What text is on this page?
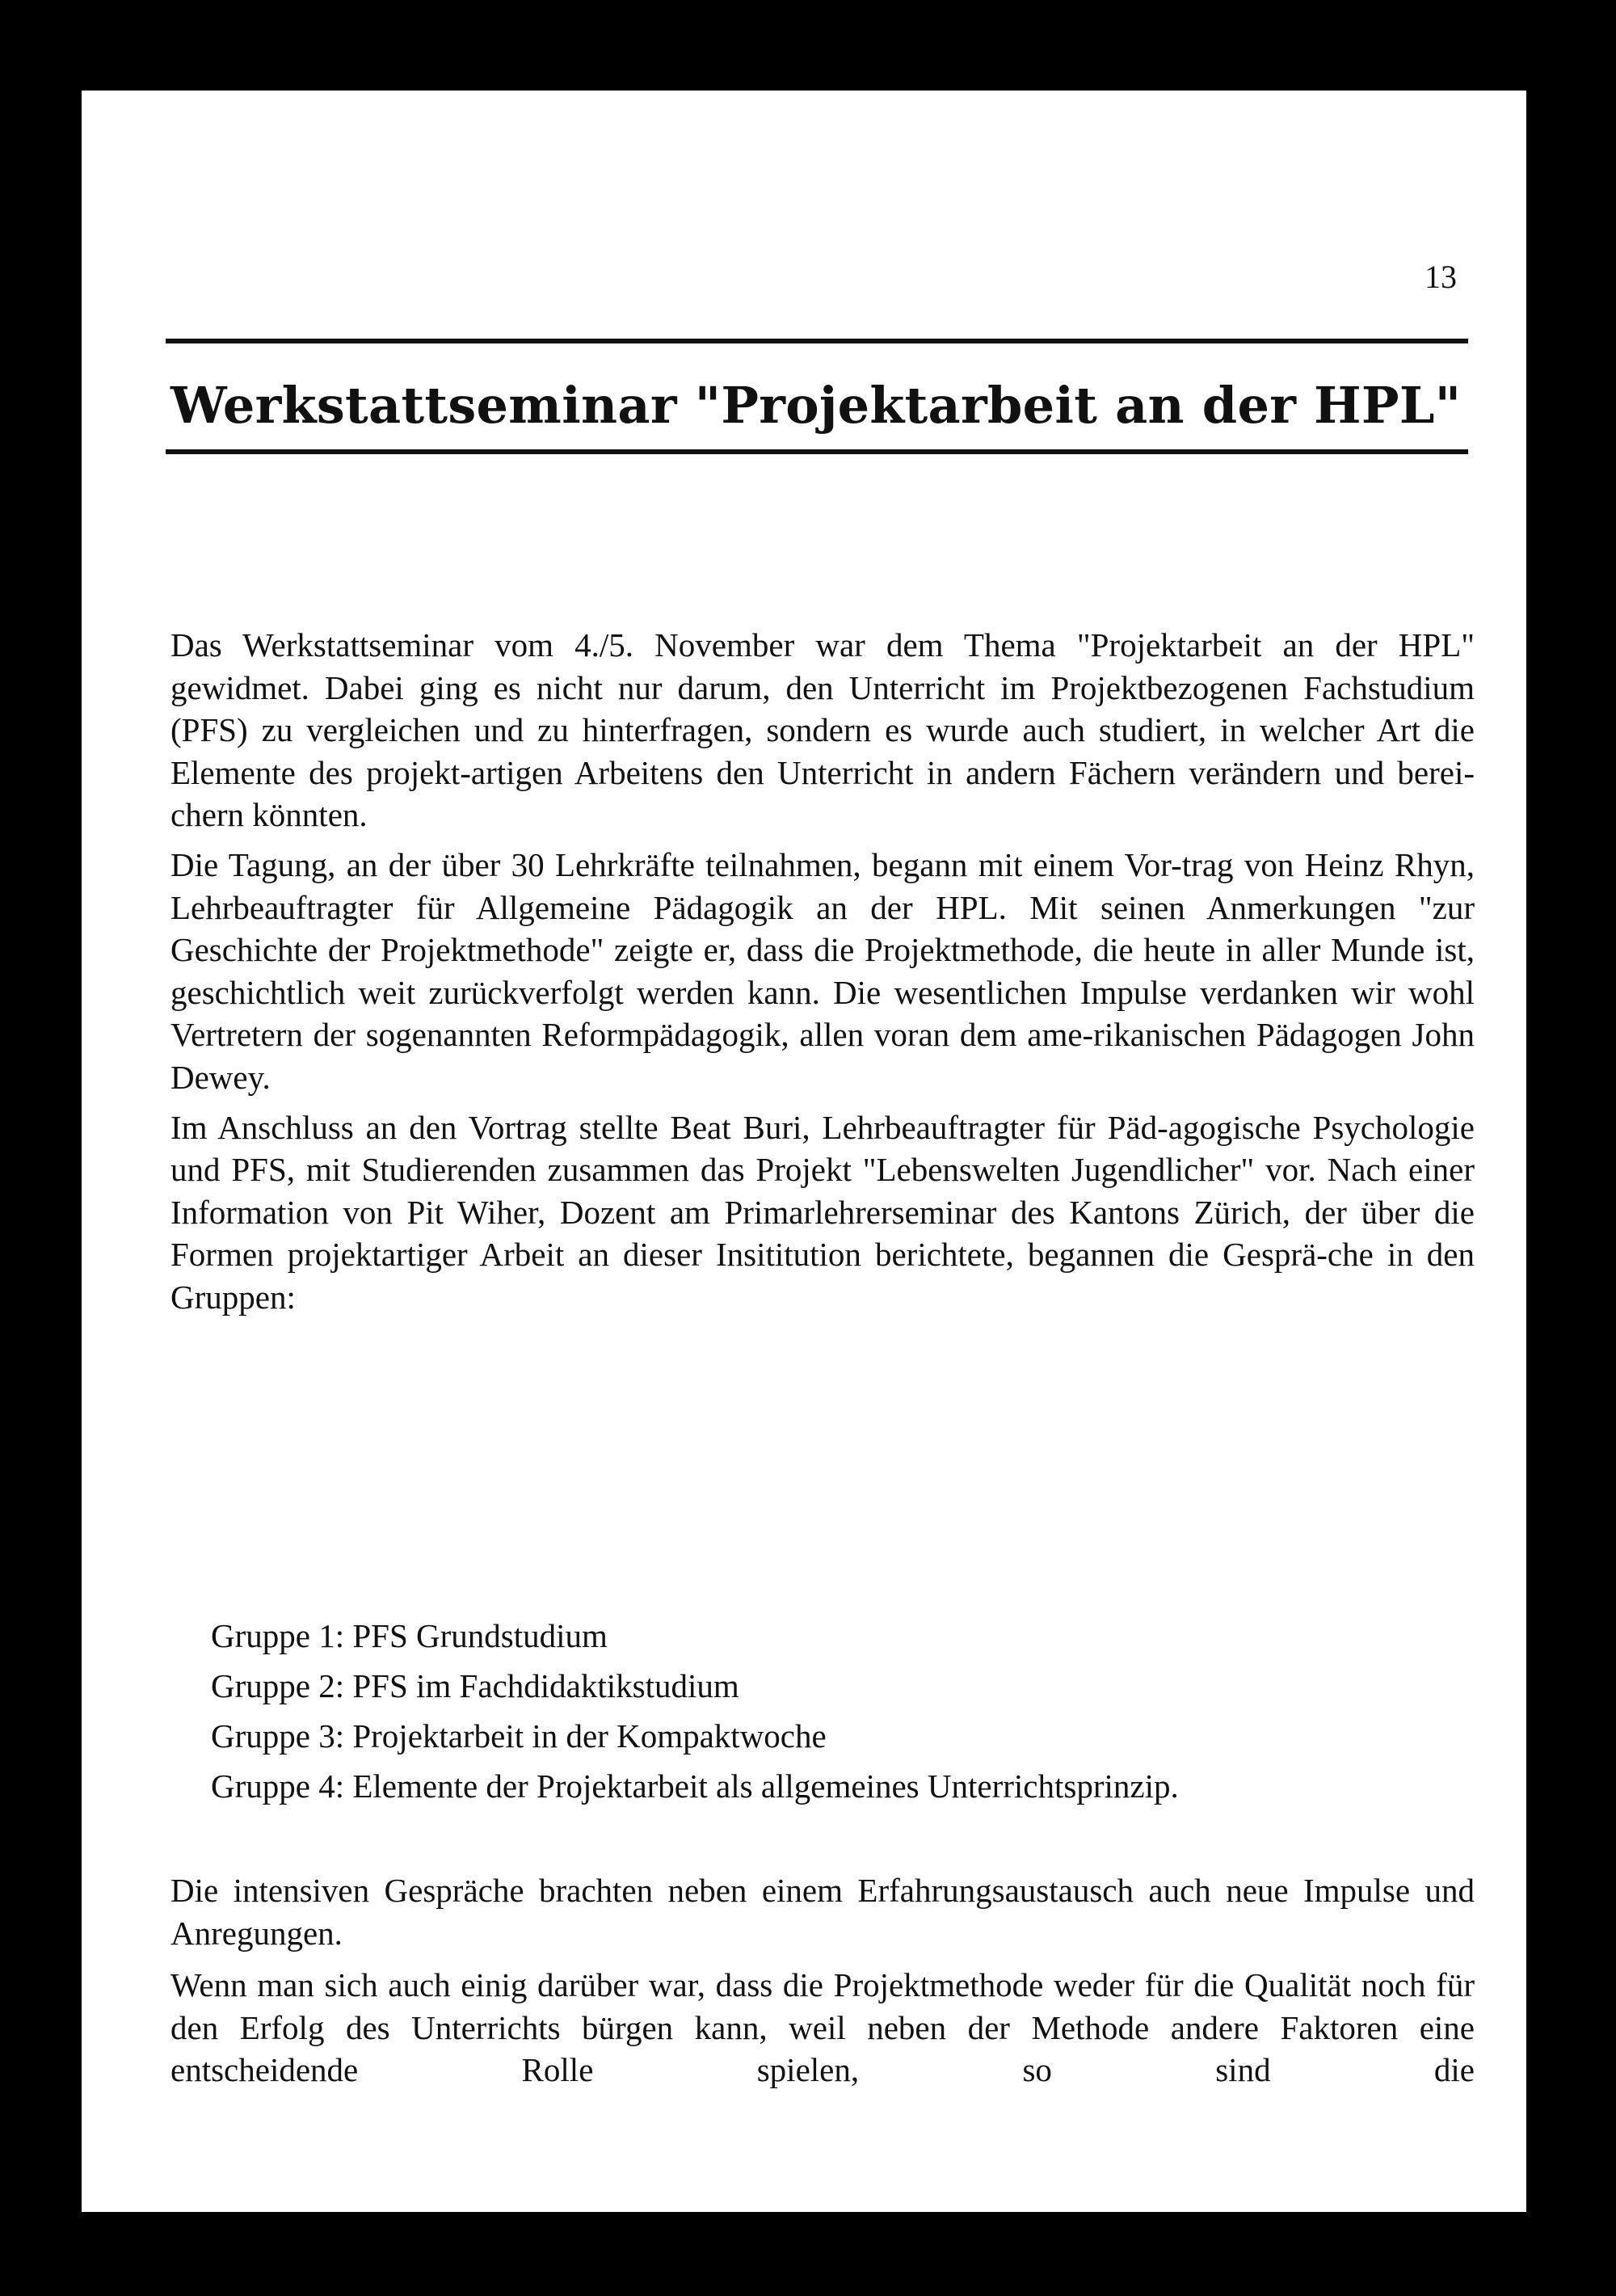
13
Werkstattseminar "Projektarbeit an der HPL"

Das Werkstattseminar vom 4./5. November war dem Thema "Projektarbeit an der HPL" gewidmet. Dabei ging es nicht nur darum, den Unterricht im Projektbezogenen Fachstudium (PFS) zu vergleichen und zu hinterfragen, sondern es wurde auch studiert, in welcher Art die Elemente des projekt-artigen Arbeitens den Unterricht in andern Fächern verändern und berei-chern könnten.

Die Tagung, an der über 30 Lehrkräfte teilnahmen, begann mit einem Vor-trag von Heinz Rhyn, Lehrbeauftragter für Allgemeine Pädagogik an der HPL. Mit seinen Anmerkungen "zur Geschichte der Projektmethode" zeigte er, dass die Projektmethode, die heute in aller Munde ist, geschichtlich weit zurückverfolgt werden kann. Die wesentlichen Impulse verdanken wir wohl Vertretern der sogenannten Reformpädagogik, allen voran dem ame-rikanischen Pädagogen John Dewey.

Im Anschluss an den Vortrag stellte Beat Buri, Lehrbeauftragter für Päd-agogische Psychologie und PFS, mit Studierenden zusammen das Projekt "Lebenswelten Jugendlicher" vor. Nach einer Information von Pit Wiher, Dozent am Primarlehrerseminar des Kantons Zürich, der über die Formen projektartiger Arbeit an dieser Insititution berichtete, begannen die Gesprä-che in den Gruppen:

Gruppe 1: PFS Grundstudium
Gruppe 2: PFS im Fachdidaktikstudium
Gruppe 3: Projektarbeit in der Kompaktwoche
Gruppe 4: Elemente der Projektarbeit als allgemeines Unterrichtsprinzip.

Die intensiven Gespräche brachten neben einem Erfahrungsaustausch auch neue Impulse und Anregungen.

Wenn man sich auch einig darüber war, dass die Projektmethode weder für die Qualität noch für den Erfolg des Unterrichts bürgen kann, weil neben der Methode andere Faktoren eine entscheidende Rolle spielen, so sind die
